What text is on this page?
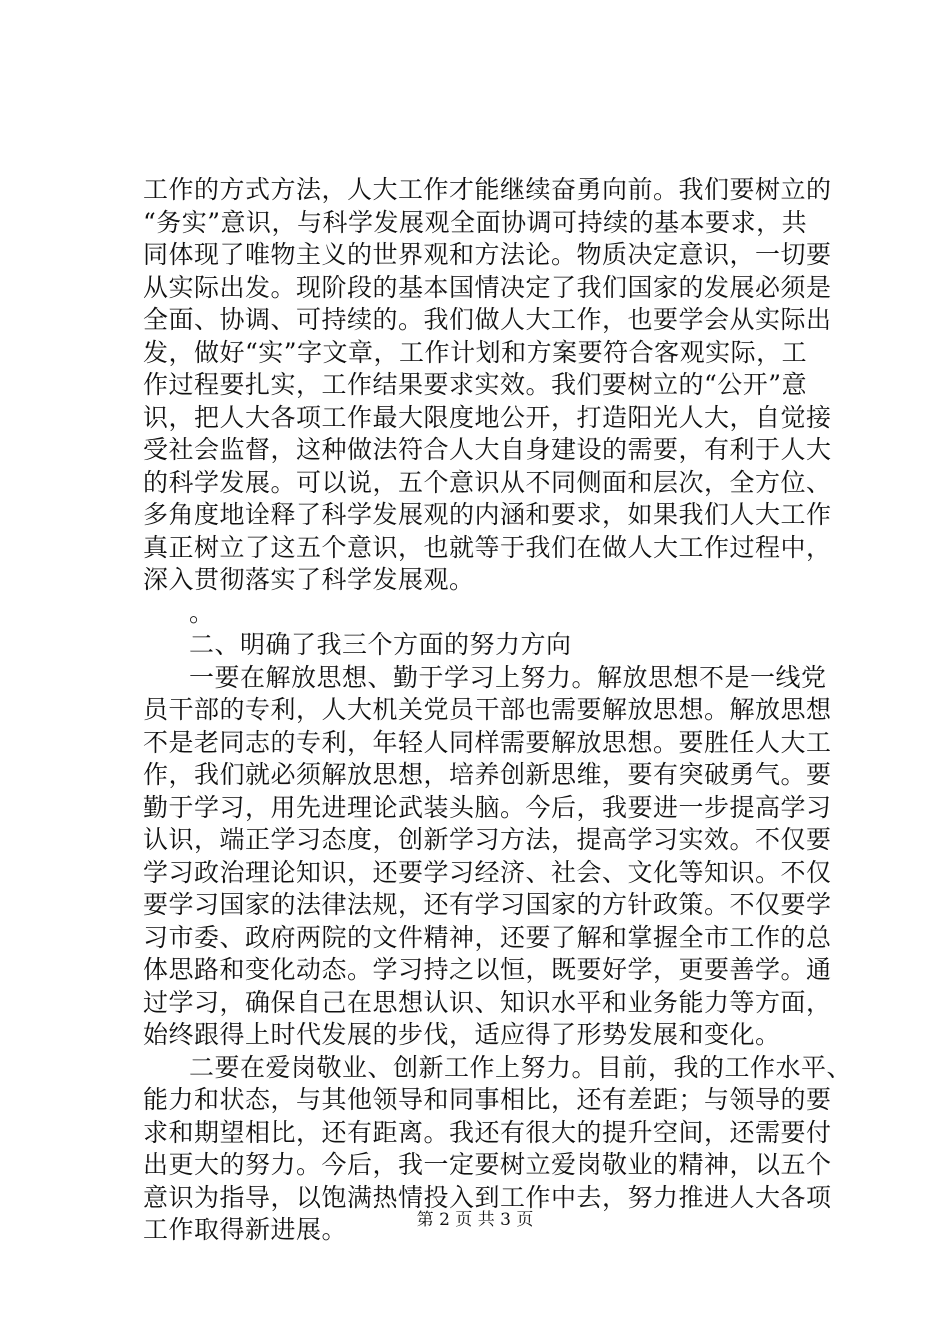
工作的方式方法，人大工作才能继续奋勇向前。我们要树立的
“务实”意识，与科学发展观全面协调可持续的基本要求，共
同体现了唯物主义的世界观和方法论。物质决定意识，一切要
从实际出发。现阶段的基本国情决定了我们国家的发展必须是
全面、协调、可持续的。我们做人大工作，也要学会从实际出
发，做好“实”字文章，工作计划和方案要符合客观实际，工
作过程要扎实，工作结果要求实效。我们要树立的“公开”意
识，把人大各项工作最大限度地公开，打造阳光人大，自觉接
受社会监督，这种做法符合人大自身建设的需要，有利于人大
的科学发展。可以说，五个意识从不同侧面和层次，全方位、
多角度地诠释了科学发展观的内涵和要求，如果我们人大工作
真正树立了这五个意识，也就等于我们在做人大工作过程中，
深入贯彻落实了科学发展观。
。
二、明确了我三个方面的努力方向
一要在解放思想、勤于学习上努力。解放思想不是一线党
员干部的专利，人大机关党员干部也需要解放思想。解放思想
不是老同志的专利，年轻人同样需要解放思想。要胜任人大工
作，我们就必须解放思想，培养创新思维，要有突破勇气。要
勤于学习，用先进理论武装头脑。今后，我要进一步提高学习
认识，端正学习态度，创新学习方法，提高学习实效。不仅要
学习政治理论知识，还要学习经济、社会、文化等知识。不仅
要学习国家的法律法规，还有学习国家的方针政策。不仅要学
习市委、政府两院的文件精神，还要了解和掌握全市工作的总
体思路和变化动态。学习持之以恒，既要好学，更要善学。通
过学习，确保自己在思想认识、知识水平和业务能力等方面，
始终跟得上时代发展的步伐，适应得了形势发展和变化。
二要在爱岗敬业、创新工作上努力。目前，我的工作水平、
能力和状态，与其他领导和同事相比，还有差距；与领导的要
求和期望相比，还有距离。我还有很大的提升空间，还需要付
出更大的努力。今后，我一定要树立爱岗敬业的精神，以五个
意识为指导，以饱满热情投入到工作中去，努力推进人大各项
工作取得新进展。	第 2 页 共 3 页
